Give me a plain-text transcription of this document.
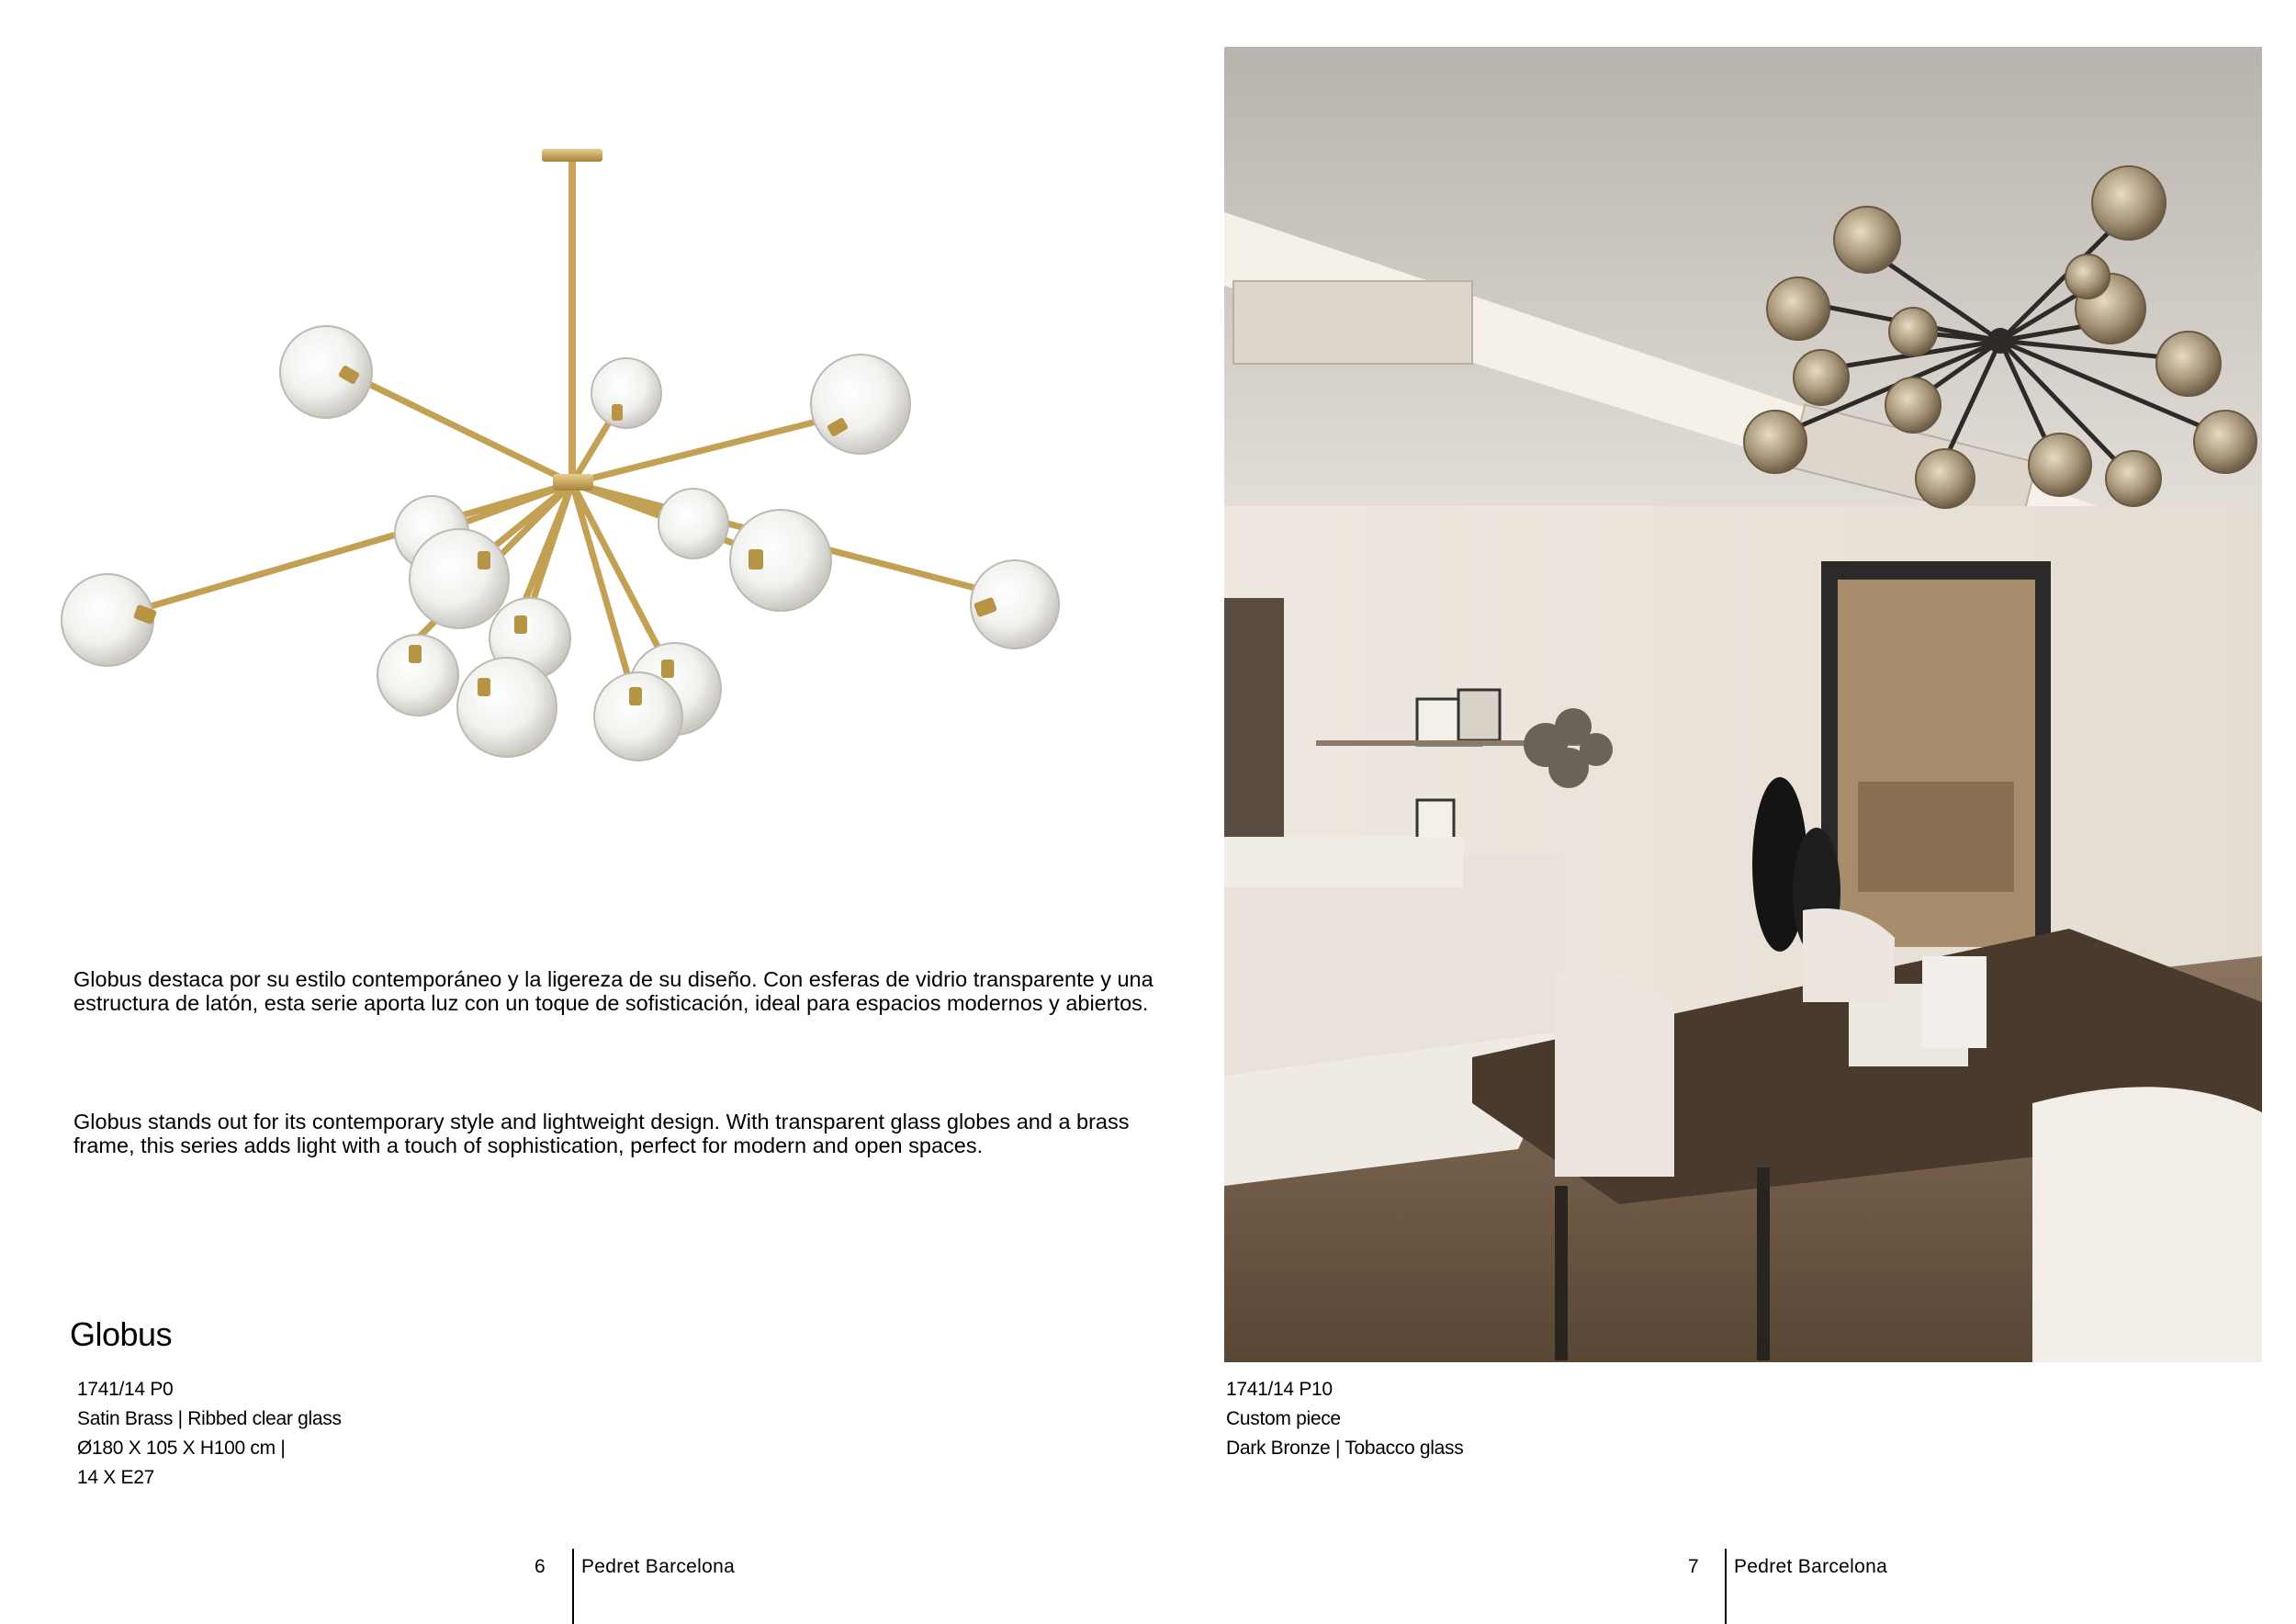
Globus destaca por su estilo contemporáneo y la ligereza de su diseño. Con esferas de vidrio transparente y una estructura de latón, esta serie aporta luz con un toque de sofisticación, ideal para espacios modernos y abiertos.

Globus stands out for its contemporary style and lightweight design. With transparent glass globes and a brass frame, this series adds light with a touch of sophistication, perfect for modern and open spaces.

Globus
1741/14 P0
Satin Brass | Ribbed clear glass
Ø180 X 105 X H100 cm |
14 X E27
1741/14 P10
Custom piece
Dark Bronze | Tobacco glass
6 Pedret Barcelona	7 Pedret Barcelona
